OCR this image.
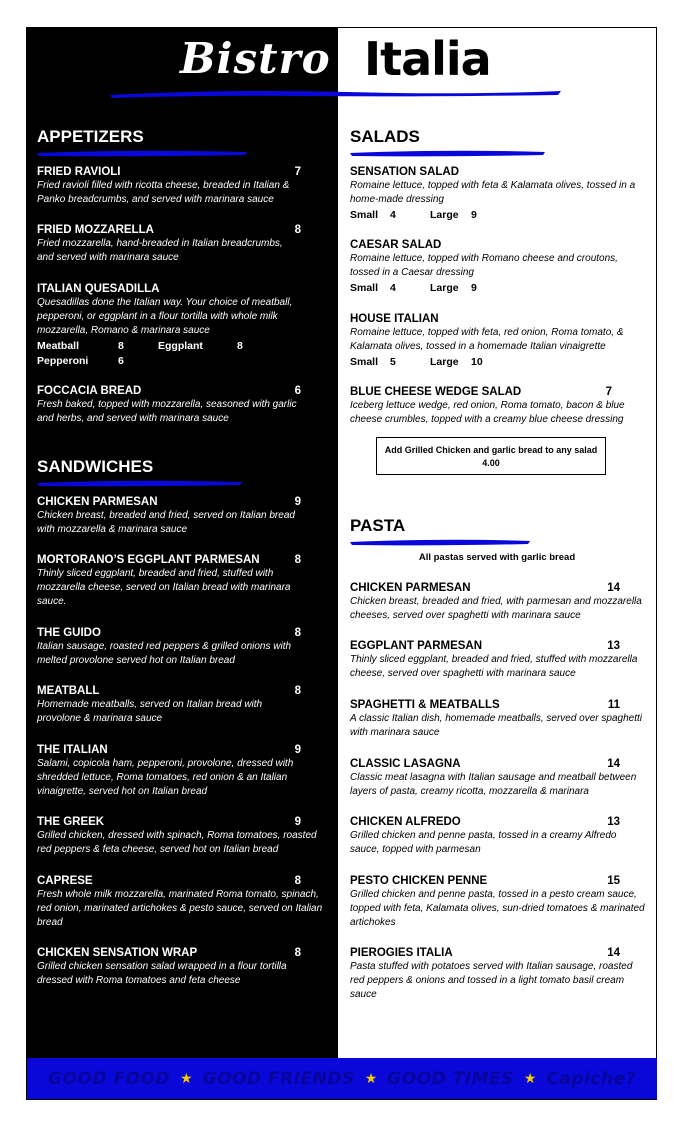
Bistro Italia
APPETIZERS
FRIED RAVIOLI	7
Fried ravioli filled with ricotta cheese, breaded in Italian & Panko breadcrumbs, and served with marinara sauce
FRIED MOZZARELLA	8
Fried mozzarella, hand-breaded in Italian breadcrumbs, and served with marinara sauce
ITALIAN QUESADILLA
Quesadillas done the Italian way. Your choice of meatball, pepperoni, or eggplant in a flour tortilla with whole milk mozzarella, Romano & marinara sauce
Meatball	8	Eggplant	8
Pepperoni	6
FOCCACIA BREAD	6
Fresh baked, topped with mozzarella, seasoned with garlic and herbs, and served with marinara sauce
SANDWICHES
CHICKEN PARMESAN	9
Chicken breast, breaded and fried, served on Italian bread with mozzarella & marinara sauce
MORTORANO’S EGGPLANT PARMESAN	8
Thinly sliced eggplant, breaded and fried, stuffed with mozzarella cheese, served on Italian bread with marinara sauce.
THE GUIDO	8
Italian sausage, roasted red peppers & grilled onions with melted provolone served hot on Italian bread
MEATBALL	8
Homemade meatballs, served on Italian bread with provolone & marinara sauce
THE ITALIAN	9
Salami, copicola ham, pepperoni, provolone, dressed with shredded lettuce, Roma tomatoes, red onion & an Italian vinaigrette, served hot on Italian bread
THE GREEK	9
Grilled chicken, dressed with spinach, Roma tomatoes, roasted red peppers & feta cheese, served hot on Italian bread
CAPRESE	8
Fresh whole milk mozzarella, marinated Roma tomato, spinach, red onion, marinated artichokes & pesto sauce, served on Italian bread
CHICKEN SENSATION WRAP	8
Grilled chicken sensation salad wrapped in a flour tortilla dressed with Roma tomatoes and feta cheese
SALADS
SENSATION SALAD
Romaine lettuce, topped with feta & Kalamata olives, tossed in a home-made dressing
Small 4	Large 9
CAESAR SALAD
Romaine lettuce, topped with Romano cheese and croutons, tossed in a Caesar dressing
Small 4	Large 9
HOUSE ITALIAN
Romaine lettuce, topped with feta, red onion, Roma tomato, & Kalamata olives, tossed in a homemade Italian vinaigrette
Small 5	Large 10
BLUE CHEESE WEDGE SALAD	7
Iceberg lettuce wedge, red onion, Roma tomato, bacon & blue cheese crumbles, topped with a creamy blue cheese dressing
Add Grilled Chicken and garlic bread to any salad
4.00
PASTA
All pastas served with garlic bread
CHICKEN PARMESAN	14
Chicken breast, breaded and fried, with parmesan and mozzarella cheeses, served over spaghetti with marinara sauce
EGGPLANT PARMESAN	13
Thinly sliced eggplant, breaded and fried, stuffed with mozzarella cheese, served over spaghetti with marinara sauce
SPAGHETTI & MEATBALLS	11
A classic Italian dish, homemade meatballs, served over spaghetti with marinara sauce
CLASSIC LASAGNA	14
Classic meat lasagna with Italian sausage and meatball between layers of pasta, creamy ricotta, mozzarella & marinara
CHICKEN ALFREDO	13
Grilled chicken and penne pasta, tossed in a creamy Alfredo sauce, topped with parmesan
PESTO CHICKEN PENNE	15
Grilled chicken and penne pasta, tossed in a pesto cream sauce, topped with feta, Kalamata olives, sun-dried tomatoes & marinated artichokes
PIEROGIES ITALIA	14
Pasta stuffed with potatoes served with Italian sausage, roasted red peppers & onions and tossed in a light tomato basil cream sauce
GOOD FOOD ★ GOOD FRIENDS ★ GOOD TIMES ★ Capiche?
